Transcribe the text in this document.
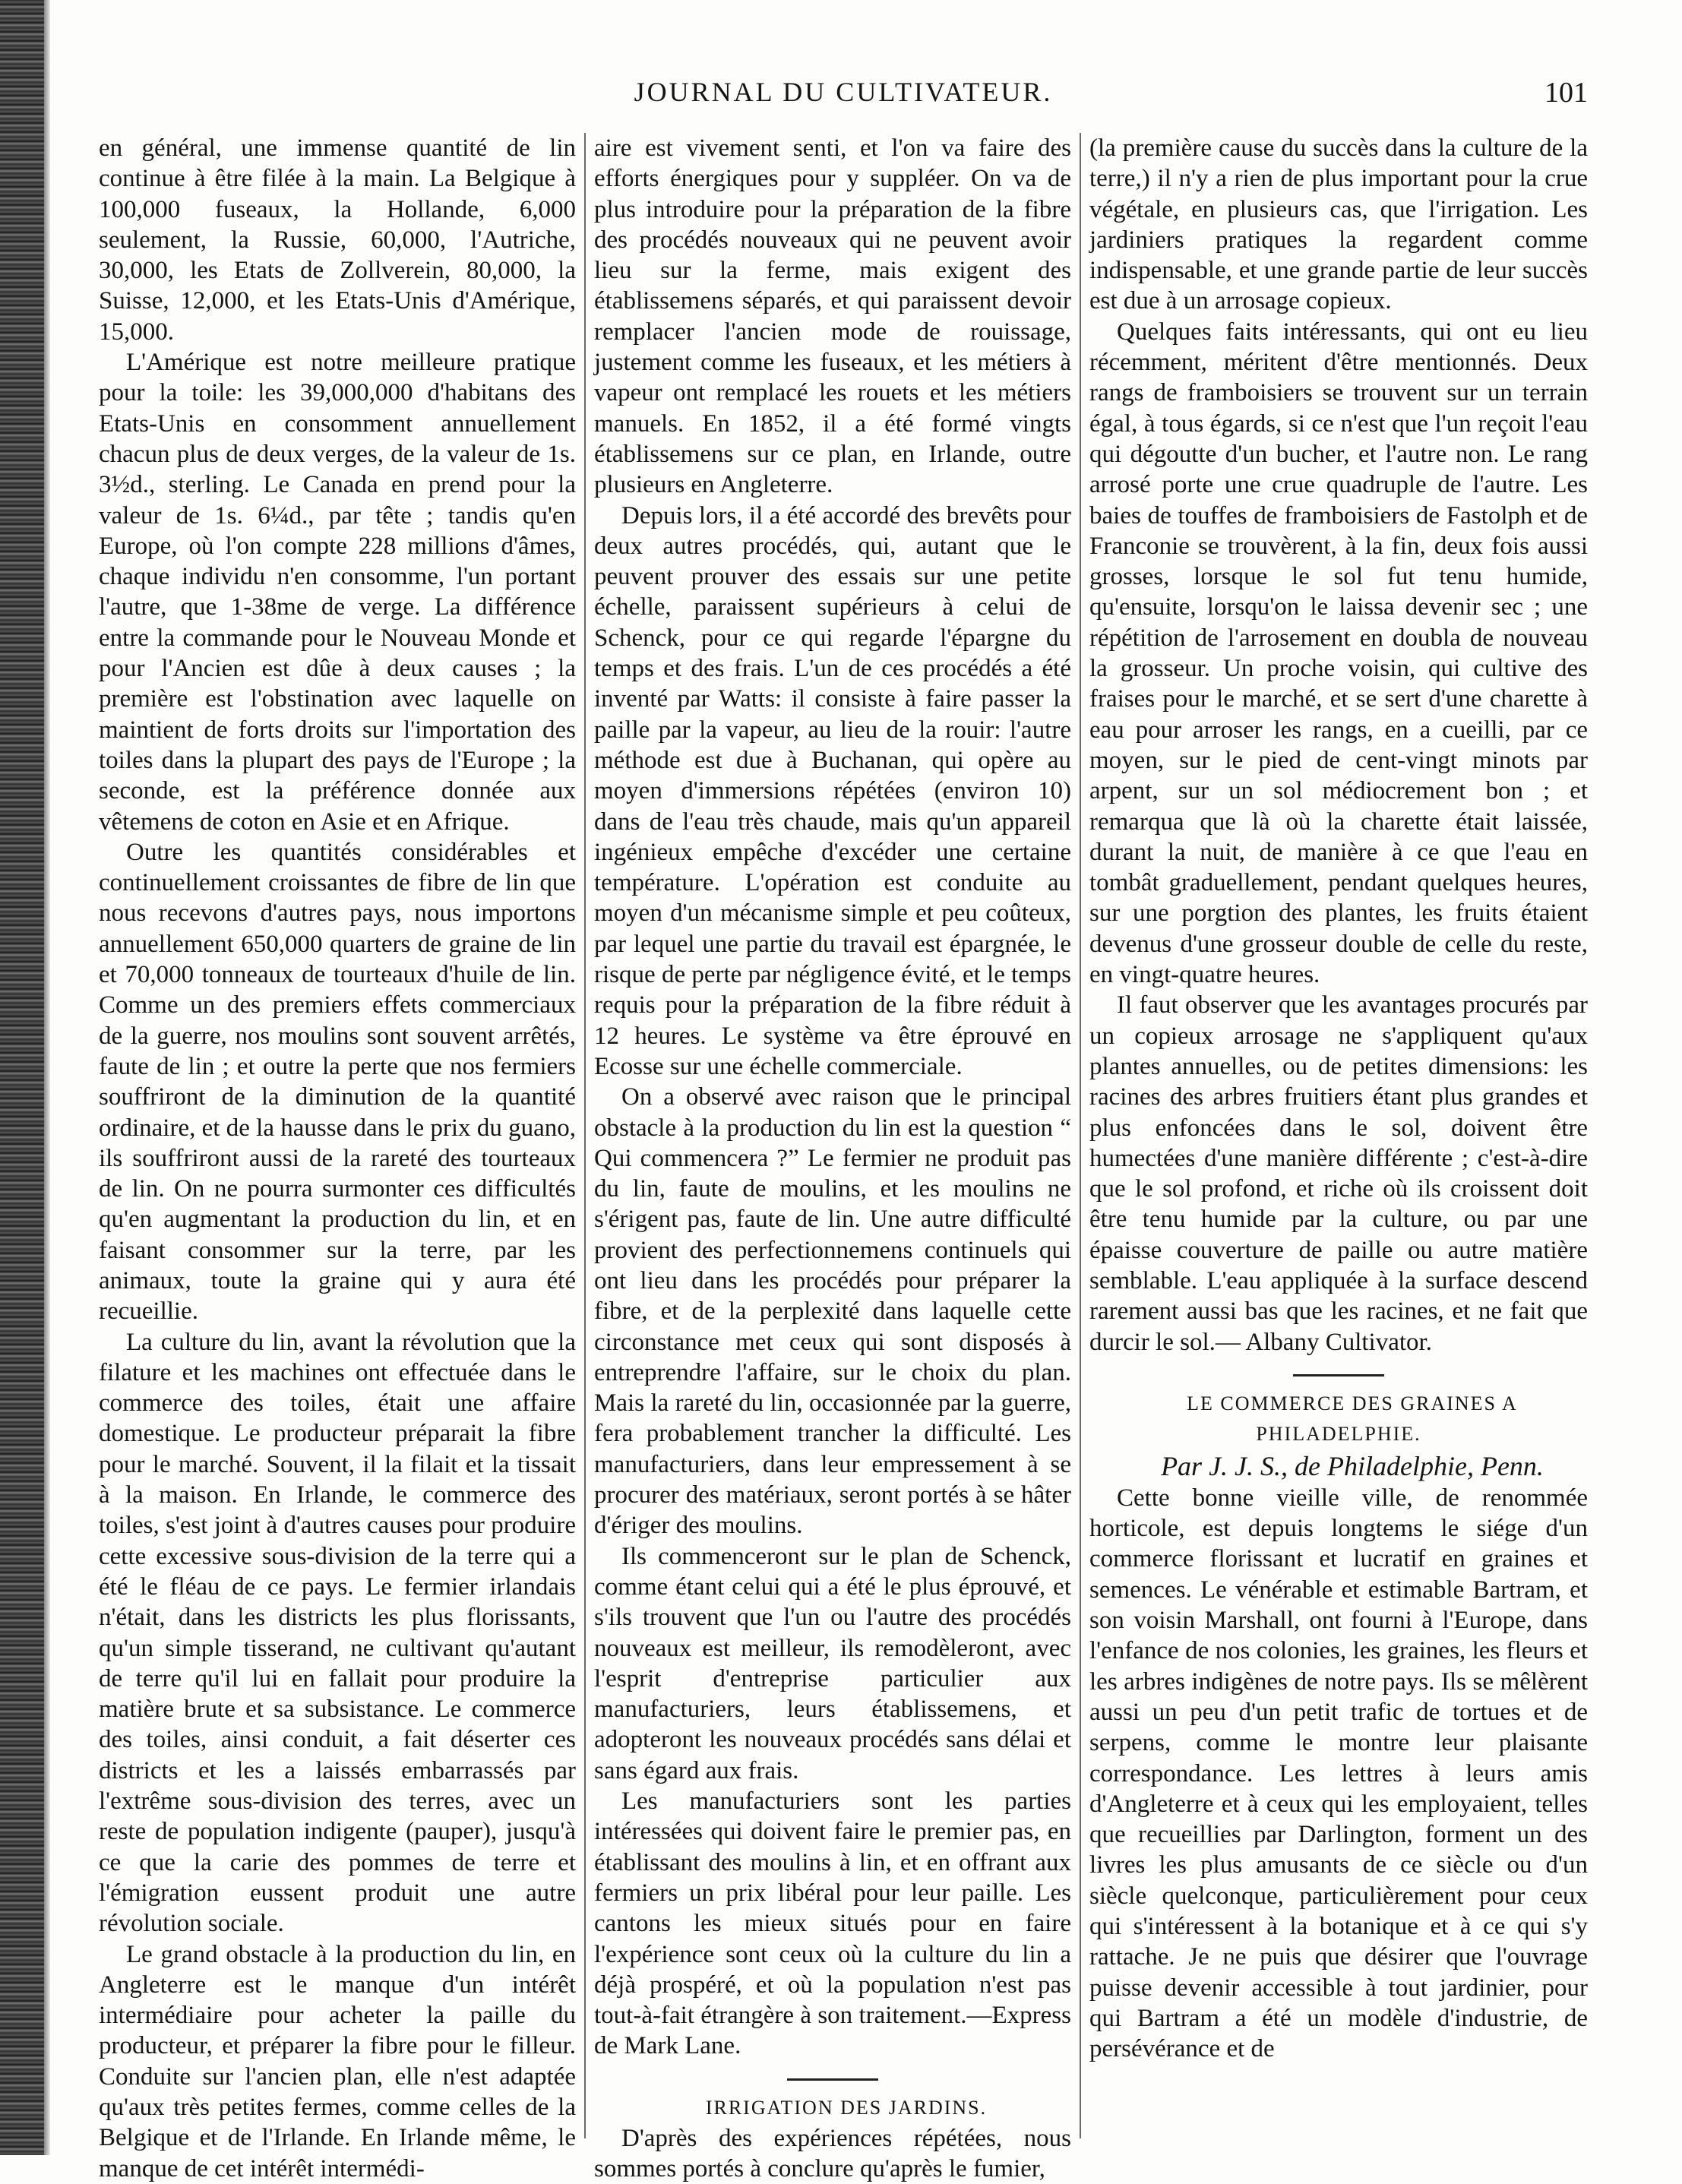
JOURNAL DU CULTIVATEUR.	101

en général, une immense quantité de lin continue à être filée à la main. La Belgique à 100,000 fuseaux, la Hollande, 6,000 seulement, la Russie, 60,000, l'Autriche, 30,000, les Etats de Zollverein, 80,000, la Suisse, 12,000, et les Etats-Unis d'Amérique, 15,000.

L'Amérique est notre meilleure pratique pour la toile: les 39,000,000 d'habitans des Etats-Unis en consomment annuellement chacun plus de deux verges, de la valeur de 1s. 3½d., sterling. Le Canada en prend pour la valeur de 1s. 6¼d., par tête ; tandis qu'en Europe, où l'on compte 228 millions d'âmes, chaque individu n'en consomme, l'un portant l'autre, que 1-38me de verge. La différence entre la commande pour le Nouveau Monde et pour l'Ancien est dûe à deux causes ; la première est l'obstination avec laquelle on maintient de forts droits sur l'importation des toiles dans la plupart des pays de l'Europe ; la seconde, est la préférence donnée aux vêtemens de coton en Asie et en Afrique.

Outre les quantités considérables et continuellement croissantes de fibre de lin que nous recevons d'autres pays, nous importons annuellement 650,000 quarters de graine de lin et 70,000 tonneaux de tourteaux d'huile de lin. Comme un des premiers effets commerciaux de la guerre, nos moulins sont souvent arrêtés, faute de lin ; et outre la perte que nos fermiers souffriront de la diminution de la quantité ordinaire, et de la hausse dans le prix du guano, ils souffriront aussi de la rareté des tourteaux de lin. On ne pourra surmonter ces difficultés qu'en augmentant la production du lin, et en faisant consommer sur la terre, par les animaux, toute la graine qui y aura été recueillie.

La culture du lin, avant la révolution que la filature et les machines ont effectuée dans le commerce des toiles, était une affaire domestique. Le producteur préparait la fibre pour le marché. Souvent, il la filait et la tissait à la maison. En Irlande, le commerce des toiles, s'est joint à d'autres causes pour produire cette excessive sous-division de la terre qui a été le fléau de ce pays. Le fermier irlandais n'était, dans les districts les plus florissants, qu'un simple tisserand, ne cultivant qu'autant de terre qu'il lui en fallait pour produire la matière brute et sa subsistance. Le commerce des toiles, ainsi conduit, a fait déserter ces districts et les a laissés embarrassés par l'extrême sous-division des terres, avec un reste de population indigente (pauper), jusqu'à ce que la carie des pommes de terre et l'émigration eussent produit une autre révolution sociale.

Le grand obstacle à la production du lin, en Angleterre est le manque d'un intérêt intermédiaire pour acheter la paille du producteur, et préparer la fibre pour le filleur. Conduite sur l'ancien plan, elle n'est adaptée qu'aux très petites fermes, comme celles de la Belgique et de l'Irlande. En Irlande même, le manque de cet intérêt intermédi-

aire est vivement senti, et l'on va faire des efforts énergiques pour y suppléer. On va de plus introduire pour la préparation de la fibre des procédés nouveaux qui ne peuvent avoir lieu sur la ferme, mais exigent des établissemens séparés, et qui paraissent devoir remplacer l'ancien mode de rouissage, justement comme les fuseaux, et les métiers à vapeur ont remplacé les rouets et les métiers manuels. En 1852, il a été formé vingts établissemens sur ce plan, en Irlande, outre plusieurs en Angleterre.

Depuis lors, il a été accordé des brevêts pour deux autres procédés, qui, autant que le peuvent prouver des essais sur une petite échelle, paraissent supérieurs à celui de Schenck, pour ce qui regarde l'épargne du temps et des frais. L'un de ces procédés a été inventé par Watts: il consiste à faire passer la paille par la vapeur, au lieu de la rouir: l'autre méthode est due à Buchanan, qui opère au moyen d'immersions répétées (environ 10) dans de l'eau très chaude, mais qu'un appareil ingénieux empêche d'excéder une certaine température. L'opération est conduite au moyen d'un mécanisme simple et peu coûteux, par lequel une partie du travail est épargnée, le risque de perte par négligence évité, et le temps requis pour la préparation de la fibre réduit à 12 heures. Le système va être éprouvé en Ecosse sur une échelle commerciale.

On a observé avec raison que le principal obstacle à la production du lin est la question “ Qui commencera ?” Le fermier ne produit pas du lin, faute de moulins, et les moulins ne s'érigent pas, faute de lin. Une autre difficulté provient des perfectionnemens continuels qui ont lieu dans les procédés pour préparer la fibre, et de la perplexité dans laquelle cette circonstance met ceux qui sont disposés à entreprendre l'affaire, sur le choix du plan. Mais la rareté du lin, occasionnée par la guerre, fera probablement trancher la difficulté. Les manufacturiers, dans leur empressement à se procurer des matériaux, seront portés à se hâter d'ériger des moulins.

Ils commenceront sur le plan de Schenck, comme étant celui qui a été le plus éprouvé, et s'ils trouvent que l'un ou l'autre des procédés nouveaux est meilleur, ils remodèleront, avec l'esprit d'entreprise particulier aux manufacturiers, leurs établissemens, et adopteront les nouveaux procédés sans délai et sans égard aux frais.

Les manufacturiers sont les parties intéressées qui doivent faire le premier pas, en établissant des moulins à lin, et en offrant aux fermiers un prix libéral pour leur paille. Les cantons les mieux situés pour en faire l'expérience sont ceux où la culture du lin a déjà prospéré, et où la population n'est pas tout-à-fait étrangère à son traitement.—Express de Mark Lane.

IRRIGATION DES JARDINS.

D'après des expériences répétées, nous sommes portés à conclure qu'après le fumier,

(la première cause du succès dans la culture de la terre,) il n'y a rien de plus important pour la crue végétale, en plusieurs cas, que l'irrigation. Les jardiniers pratiques la regardent comme indispensable, et une grande partie de leur succès est due à un arrosage copieux.

Quelques faits intéressants, qui ont eu lieu récemment, méritent d'être mentionnés. Deux rangs de framboisiers se trouvent sur un terrain égal, à tous égards, si ce n'est que l'un reçoit l'eau qui dégoutte d'un bucher, et l'autre non. Le rang arrosé porte une crue quadruple de l'autre. Les baies de touffes de framboisiers de Fastolph et de Franconie se trouvèrent, à la fin, deux fois aussi grosses, lorsque le sol fut tenu humide, qu'ensuite, lorsqu'on le laissa devenir sec ; une répétition de l'arrosement en doubla de nouveau la grosseur. Un proche voisin, qui cultive des fraises pour le marché, et se sert d'une charette à eau pour arroser les rangs, en a cueilli, par ce moyen, sur le pied de cent-vingt minots par arpent, sur un sol médiocrement bon ; et remarqua que là où la charette était laissée, durant la nuit, de manière à ce que l'eau en tombât graduellement, pendant quelques heures, sur une porgtion des plantes, les fruits étaient devenus d'une grosseur double de celle du reste, en vingt-quatre heures.

Il faut observer que les avantages procurés par un copieux arrosage ne s'appliquent qu'aux plantes annuelles, ou de petites dimensions: les racines des arbres fruitiers étant plus grandes et plus enfoncées dans le sol, doivent être humectées d'une manière différente ; c'est-à-dire que le sol profond, et riche où ils croissent doit être tenu humide par la culture, ou par une épaisse couverture de paille ou autre matière semblable. L'eau appliquée à la surface descend rarement aussi bas que les racines, et ne fait que durcir le sol.— Albany Cultivator.

LE COMMERCE DES GRAINES A PHILADELPHIE.

Par J. J. S., de Philadelphie, Penn.

Cette bonne vieille ville, de renommée horticole, est depuis longtems le siége d'un commerce florissant et lucratif en graines et semences. Le vénérable et estimable Bartram, et son voisin Marshall, ont fourni à l'Europe, dans l'enfance de nos colonies, les graines, les fleurs et les arbres indigènes de notre pays. Ils se mêlèrent aussi un peu d'un petit trafic de tortues et de serpens, comme le montre leur plaisante correspondance. Les lettres à leurs amis d'Angleterre et à ceux qui les employaient, telles que recueillies par Darlington, forment un des livres les plus amusants de ce siècle ou d'un siècle quelconque, particulièrement pour ceux qui s'intéressent à la botanique et à ce qui s'y rattache. Je ne puis que désirer que l'ouvrage puisse devenir accessible à tout jardinier, pour qui Bartram a été un modèle d'industrie, de persévérance et de
